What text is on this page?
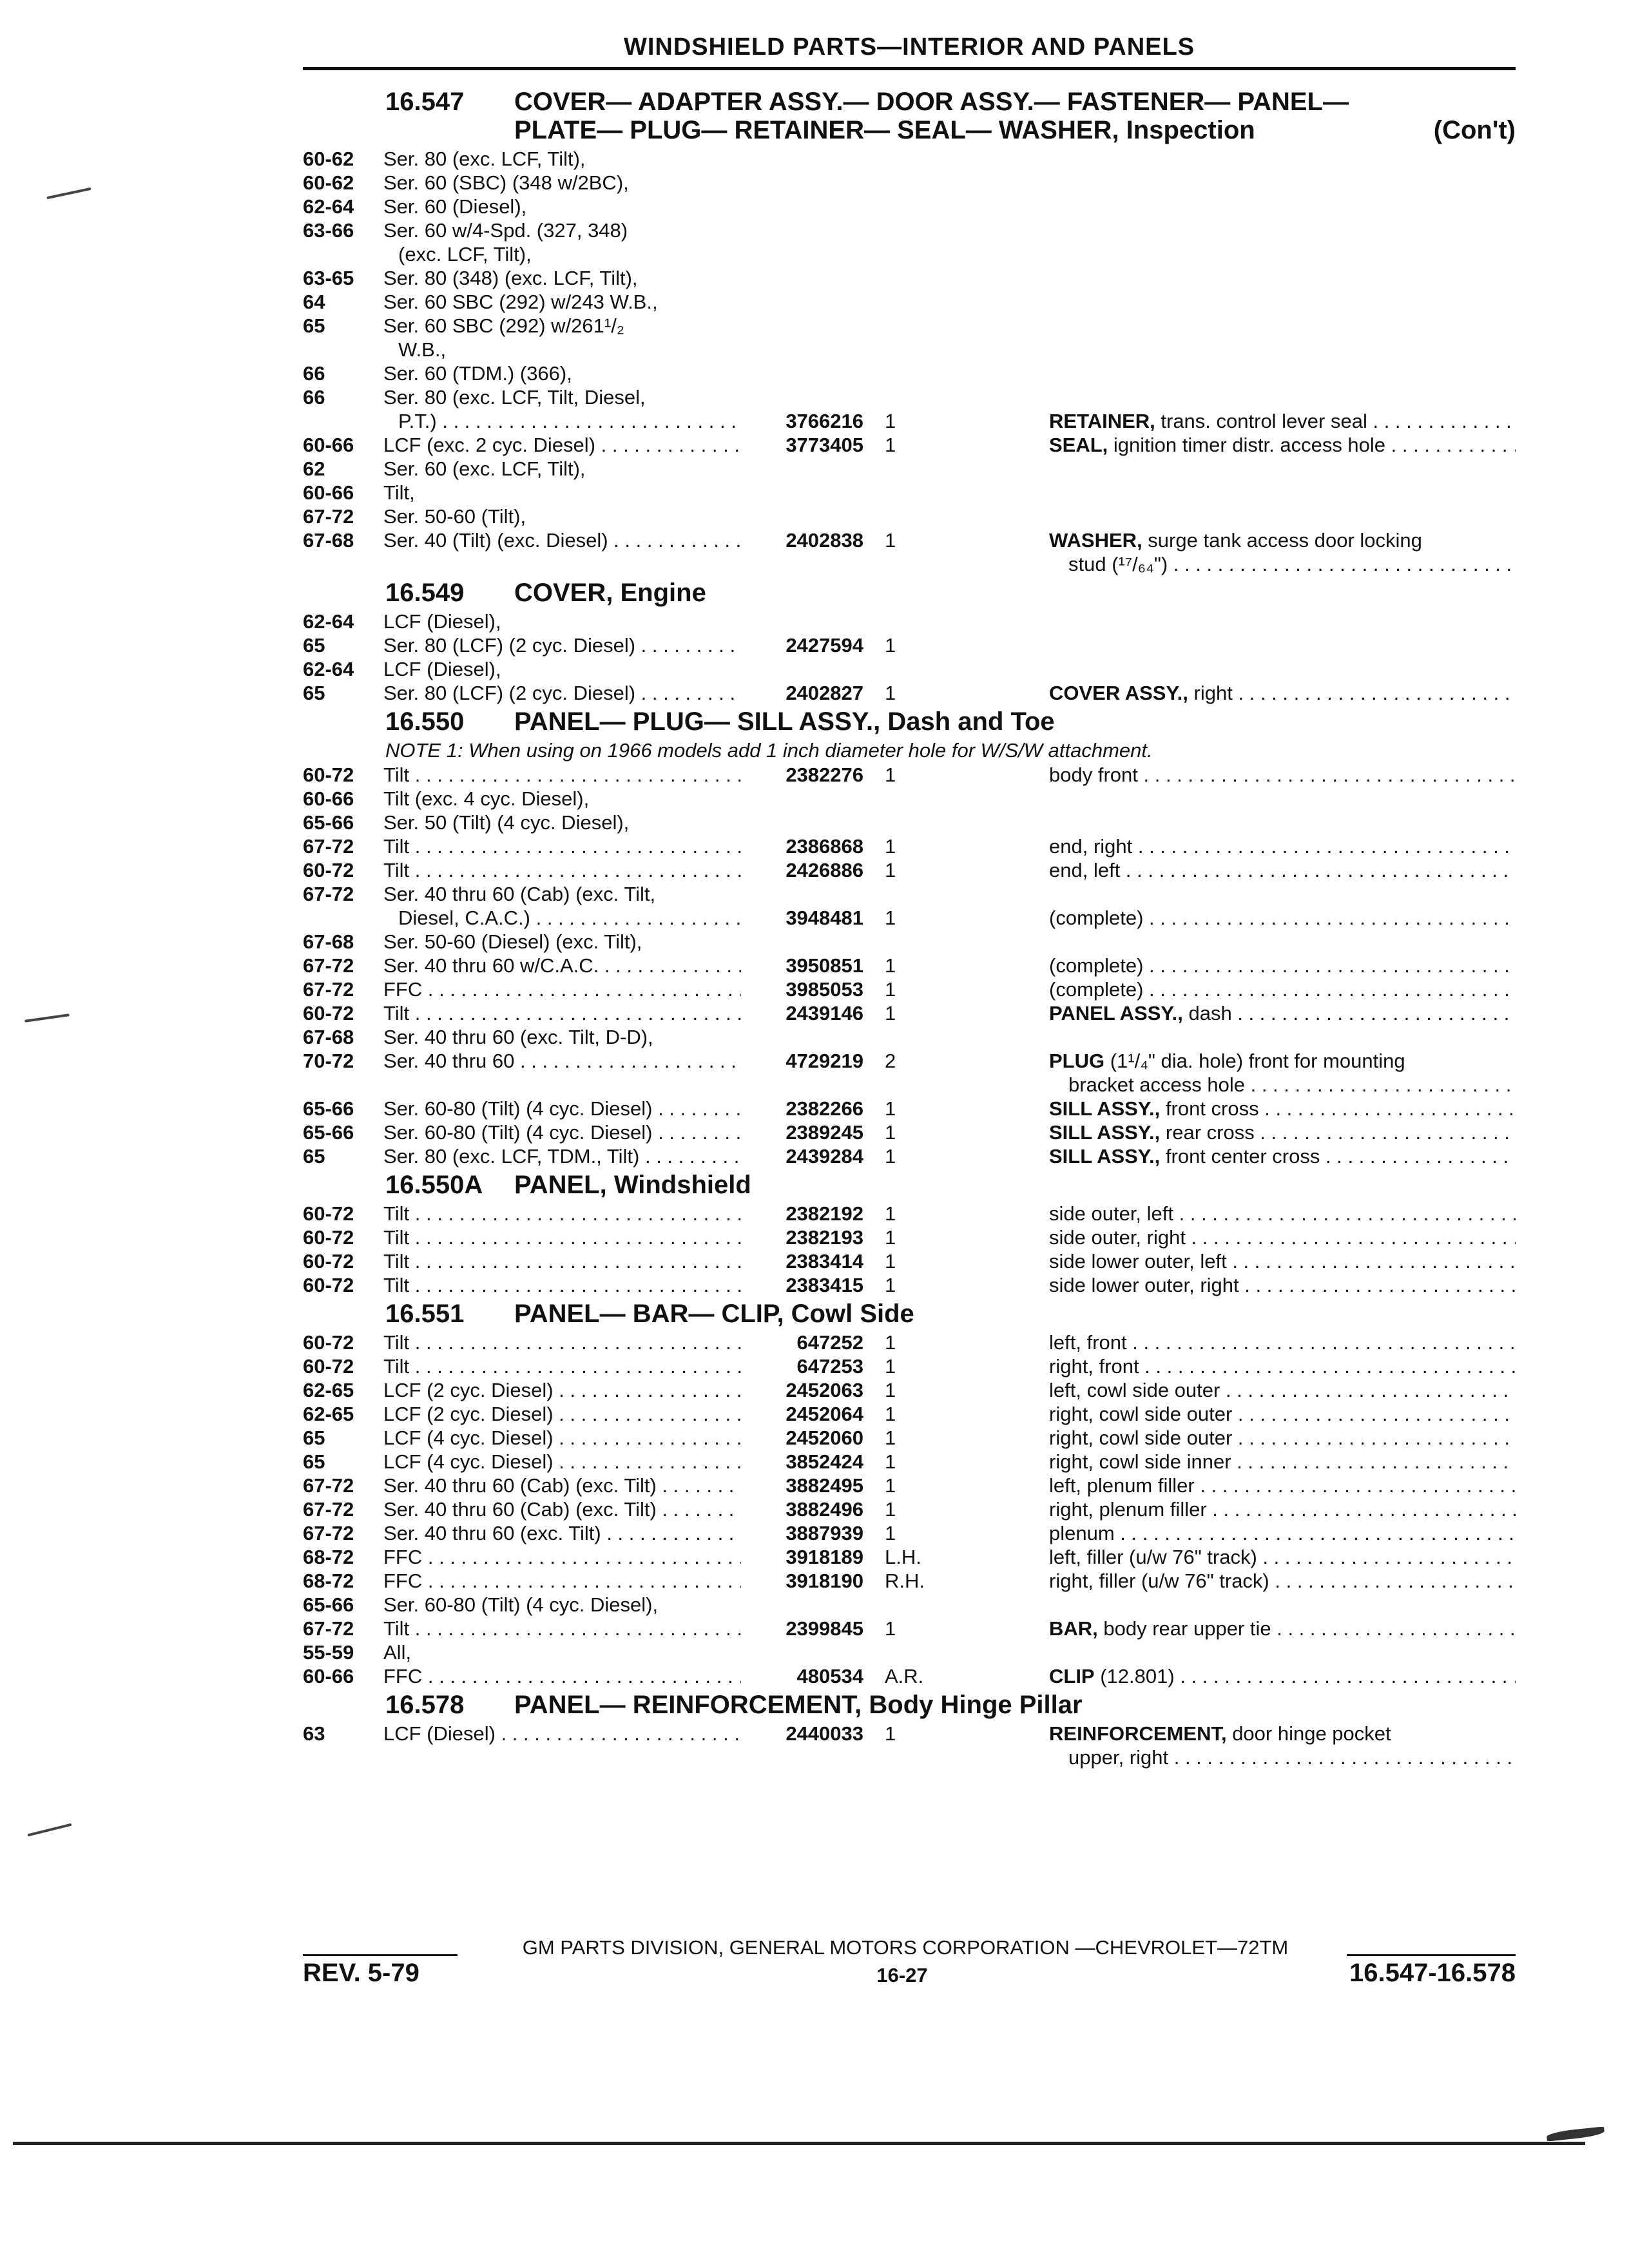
WINDSHIELD PARTS—INTERIOR AND PANELS
16.547 COVER— ADAPTER ASSY.— DOOR ASSY.— FASTENER— PANEL—
PLATE— PLUG— RETAINER— SEAL— WASHER, Inspection	(Con't)
60-62 Ser. 80 (exc. LCF, Tilt),
60-62 Ser. 60 (SBC) (348 w/2BC),
62-64 Ser. 60 (Diesel),
63-66 Ser. 60 w/4-Spd. (327, 348)
(exc. LCF, Tilt),
63-65 Ser. 80 (348) (exc. LCF, Tilt),
64	Ser. 60 SBC (292) w/243 W.B.,
65	Ser. 60 SBC (292) w/261¹/₂
W.B.,
66	Ser. 60 (TDM.) (366),
66	Ser. 80 (exc. LCF, Tilt, Diesel,
P.T.) . . .	3766216 1	RETAINER, trans. control lever seal . . .
60-66 LCF (exc. 2 cyc. Diesel) . . .	3773405 1	SEAL, ignition timer distr. access hole . . .
62	Ser. 60 (exc. LCF, Tilt),
60-66 Tilt,
67-72 Ser. 50-60 (Tilt),
67-68 Ser. 40 (Tilt) (exc. Diesel) . . .	2402838 1	WASHER, surge tank access door locking
stud (¹⁷/₆₄") . . .
16.549 COVER, Engine
62-64 LCF (Diesel),
65	Ser. 80 (LCF) (2 cyc. Diesel) . . .	2427594 1
62-64 LCF (Diesel),
65	Ser. 80 (LCF) (2 cyc. Diesel) . . .	2402827 1	COVER ASSY., right . . .
16.550 PANEL— PLUG— SILL ASSY., Dash and Toe
NOTE 1: When using on 1966 models add 1 inch diameter hole for W/S/W attachment.
60-72 Tilt . . .	2382276 1	body front . . .
60-66 Tilt (exc. 4 cyc. Diesel),
65-66 Ser. 50 (Tilt) (4 cyc. Diesel),
67-72 Tilt . . .	2386868 1	end, right . . .
60-72 Tilt . . .	2426886 1	end, left . . .
67-72 Ser. 40 thru 60 (Cab) (exc. Tilt,
Diesel, C.A.C.) . . .	3948481 1	(complete) . . .
67-68 Ser. 50-60 (Diesel) (exc. Tilt),
67-72 Ser. 40 thru 60 w/C.A.C. . . .	3950851 1	(complete) . . .
67-72 FFC . . .	3985053 1	(complete) . . .
60-72 Tilt . . .	2439146 1	PANEL ASSY., dash . . .
67-68 Ser. 40 thru 60 (exc. Tilt, D-D),
70-72 Ser. 40 thru 60 . . .	4729219 2	PLUG (1¹/₄" dia. hole) front for mounting
bracket access hole . . .
65-66 Ser. 60-80 (Tilt) (4 cyc. Diesel) . . .	2382266 1	SILL ASSY., front cross . . .
65-66 Ser. 60-80 (Tilt) (4 cyc. Diesel) . . .	2389245 1	SILL ASSY., rear cross . . .
65	Ser. 80 (exc. LCF, TDM., Tilt) . . .	2439284 1	SILL ASSY., front center cross . . .
16.550A PANEL, Windshield
60-72 Tilt . . .	2382192 1	side outer, left . . .
60-72 Tilt . . .	2382193 1	side outer, right . . .
60-72 Tilt . . .	2383414 1	side lower outer, left . . .
60-72 Tilt . . .	2383415 1	side lower outer, right . . .
16.551 PANEL— BAR— CLIP, Cowl Side
60-72 Tilt . . .	647252 1	left, front . . .
60-72 Tilt . . .	647253 1	right, front . . .
62-65 LCF (2 cyc. Diesel) . . .	2452063 1	left, cowl side outer . . .
62-65 LCF (2 cyc. Diesel) . . .	2452064 1	right, cowl side outer . . .
65	LCF (4 cyc. Diesel) . . .	2452060 1	right, cowl side outer . . .
65	LCF (4 cyc. Diesel) . . .	3852424 1	right, cowl side inner . . .
67-72 Ser. 40 thru 60 (Cab) (exc. Tilt) . . .	3882495 1	left, plenum filler . . .
67-72 Ser. 40 thru 60 (Cab) (exc. Tilt) . . .	3882496 1	right, plenum filler . . .
67-72 Ser. 40 thru 60 (exc. Tilt) . . .	3887939 1	plenum . . .
68-72 FFC . . .	3918189 L.H.	left, filler (u/w 76" track) . . .
68-72 FFC . . .	3918190 R.H.	right, filler (u/w 76" track) . . .
65-66 Ser. 60-80 (Tilt) (4 cyc. Diesel),
67-72 Tilt . . .	2399845 1	BAR, body rear upper tie . . .
55-59 All,
60-66 FFC . . .	480534 A.R.	CLIP (12.801) . . .
16.578 PANEL— REINFORCEMENT, Body Hinge Pillar
63	LCF (Diesel) . . .	2440033 1	REINFORCEMENT, door hinge pocket
upper, right . . .
GM PARTS DIVISION, GENERAL MOTORS CORPORATION —CHEVROLET—72TM
REV. 5-79	16-27	16.547-16.578
